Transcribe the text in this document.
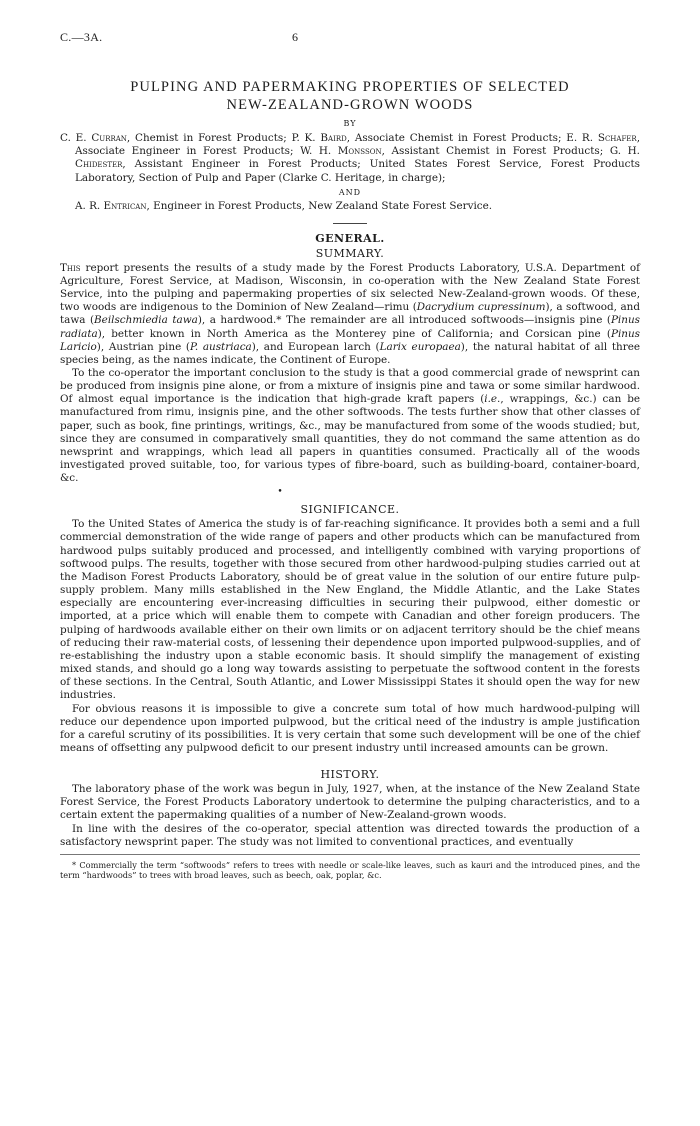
C.—3A.	6
PULPING AND PAPERMAKING PROPERTIES OF SELECTED
NEW-ZEALAND-GROWN WOODS
BY
C. E. Curran, Chemist in Forest Products; P. K. Baird, Associate Chemist in Forest Products; E. R. Schafer, Associate Engineer in Forest Products; W. H. Monsson, Assistant Chemist in Forest Products; G. H. Chidester, Assistant Engineer in Forest Products; United States Forest Service, Forest Products Laboratory, Section of Pulp and Paper (Clarke C. Heritage, in charge);
AND
A. R. Entrican, Engineer in Forest Products, New Zealand State Forest Service.
GENERAL.
SUMMARY.

This report presents the results of a study made by the Forest Products Laboratory, U.S.A. Department of Agriculture, Forest Service, at Madison, Wisconsin, in co-operation with the New Zealand State Forest Service, into the pulping and papermaking properties of six selected New-Zealand-grown woods. Of these, two woods are indigenous to the Dominion of New Zealand—rimu (Dacrydium cupressinum), a softwood, and tawa (Beilschmiedia tawa), a hardwood.* The remainder are all introduced softwoods—insignis pine (Pinus radiata), better known in North America as the Monterey pine of California; and Corsican pine (Pinus Laricio), Austrian pine (P. austriaca), and European larch (Larix europaea), the natural habitat of all three species being, as the names indicate, the Continent of Europe.

To the co-operator the important conclusion to the study is that a good commercial grade of newsprint can be produced from insignis pine alone, or from a mixture of insignis pine and tawa or some similar hardwood. Of almost equal importance is the indication that high-grade kraft papers (i.e., wrappings, &c.) can be manufactured from rimu, insignis pine, and the other softwoods. The tests further show that other classes of paper, such as book, fine printings, writings, &c., may be manufactured from some of the woods studied; but, since they are consumed in comparatively small quantities, they do not command the same attention as do newsprint and wrappings, which lead all papers in quantities consumed. Practically all of the woods investigated proved suitable, too, for various types of fibre-board, such as building-board, container-board, &c.

•
SIGNIFICANCE.

To the United States of America the study is of far-reaching significance. It provides both a semi and a full commercial demonstration of the wide range of papers and other products which can be manufactured from hardwood pulps suitably produced and processed, and intelligently combined with varying proportions of softwood pulps. The results, together with those secured from other hardwood-pulping studies carried out at the Madison Forest Products Laboratory, should be of great value in the solution of our entire future pulp-supply problem. Many mills established in the New England, the Middle Atlantic, and the Lake States especially are encountering ever-increasing difficulties in securing their pulpwood, either domestic or imported, at a price which will enable them to compete with Canadian and other foreign producers. The pulping of hardwoods available either on their own limits or on adjacent territory should be the chief means of reducing their raw-material costs, of lessening their dependence upon imported pulpwood-supplies, and of re-establishing the industry upon a stable economic basis. It should simplify the management of existing mixed stands, and should go a long way towards assisting to perpetuate the softwood content in the forests of these sections. In the Central, South Atlantic, and Lower Mississippi States it should open the way for new industries.

For obvious reasons it is impossible to give a concrete sum total of how much hardwood-pulping will reduce our dependence upon imported pulpwood, but the critical need of the industry is ample justification for a careful scrutiny of its possibilities. It is very certain that some such development will be one of the chief means of offsetting any pulpwood deficit to our present industry until increased amounts can be grown.

HISTORY.

The laboratory phase of the work was begun in July, 1927, when, at the instance of the New Zealand State Forest Service, the Forest Products Laboratory undertook to determine the pulping characteristics, and to a certain extent the papermaking qualities of a number of New-Zealand-grown woods.

In line with the desires of the co-operator, special attention was directed towards the production of a satisfactory newsprint paper. The study was not limited to conventional practices, and eventually

* Commercially the term “softwoods” refers to trees with needle or scale-like leaves, such as kauri and the introduced pines, and the term “hardwoods” to trees with broad leaves, such as beech, oak, poplar, &c.
